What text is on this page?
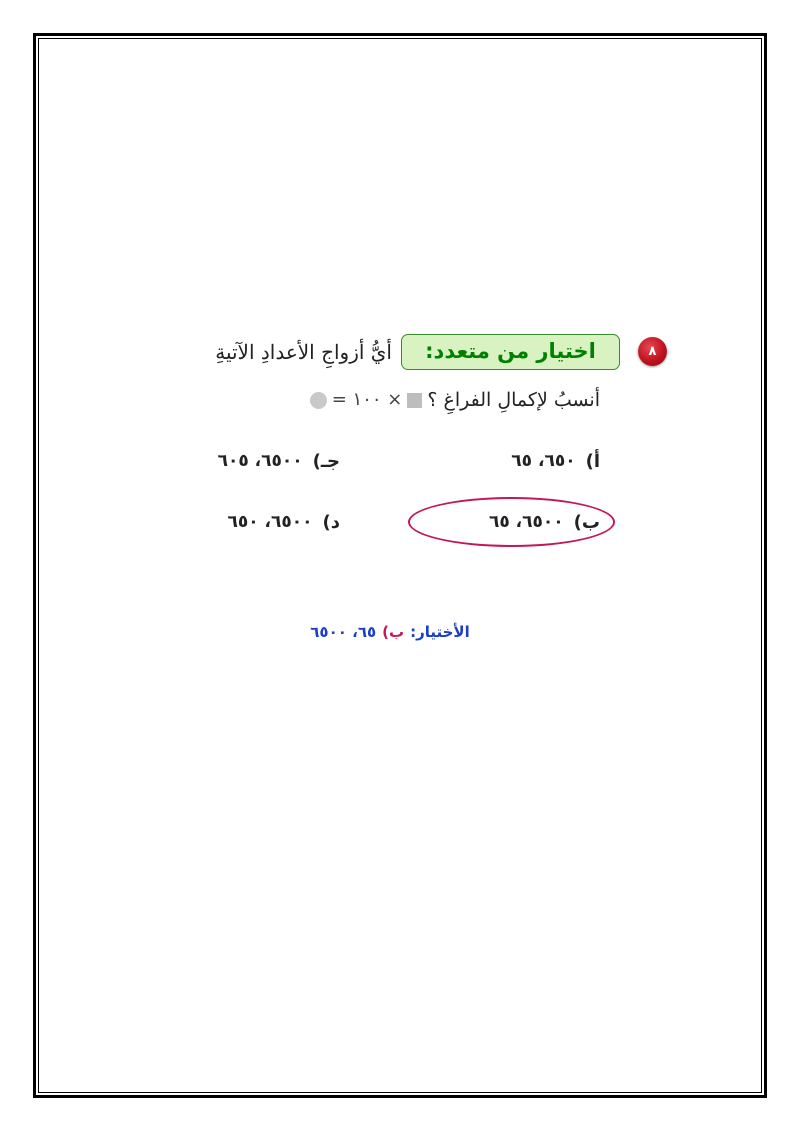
٨
اختيار من متعدد:
أيُّ أزواجِ الأعدادِ الآتيةِ
أنسبُ لإكمالِ الفراغِ ؟
× ١٠٠ =
أ)
٦٥٠، ٦٥
ب)
٦٥٠٠، ٦٥
جـ)
٦٥٠٠، ٦٠٥
د)
٦٥٠٠، ٦٥٠
الأختيار:
ب)
٦٥، ٦٥٠٠
